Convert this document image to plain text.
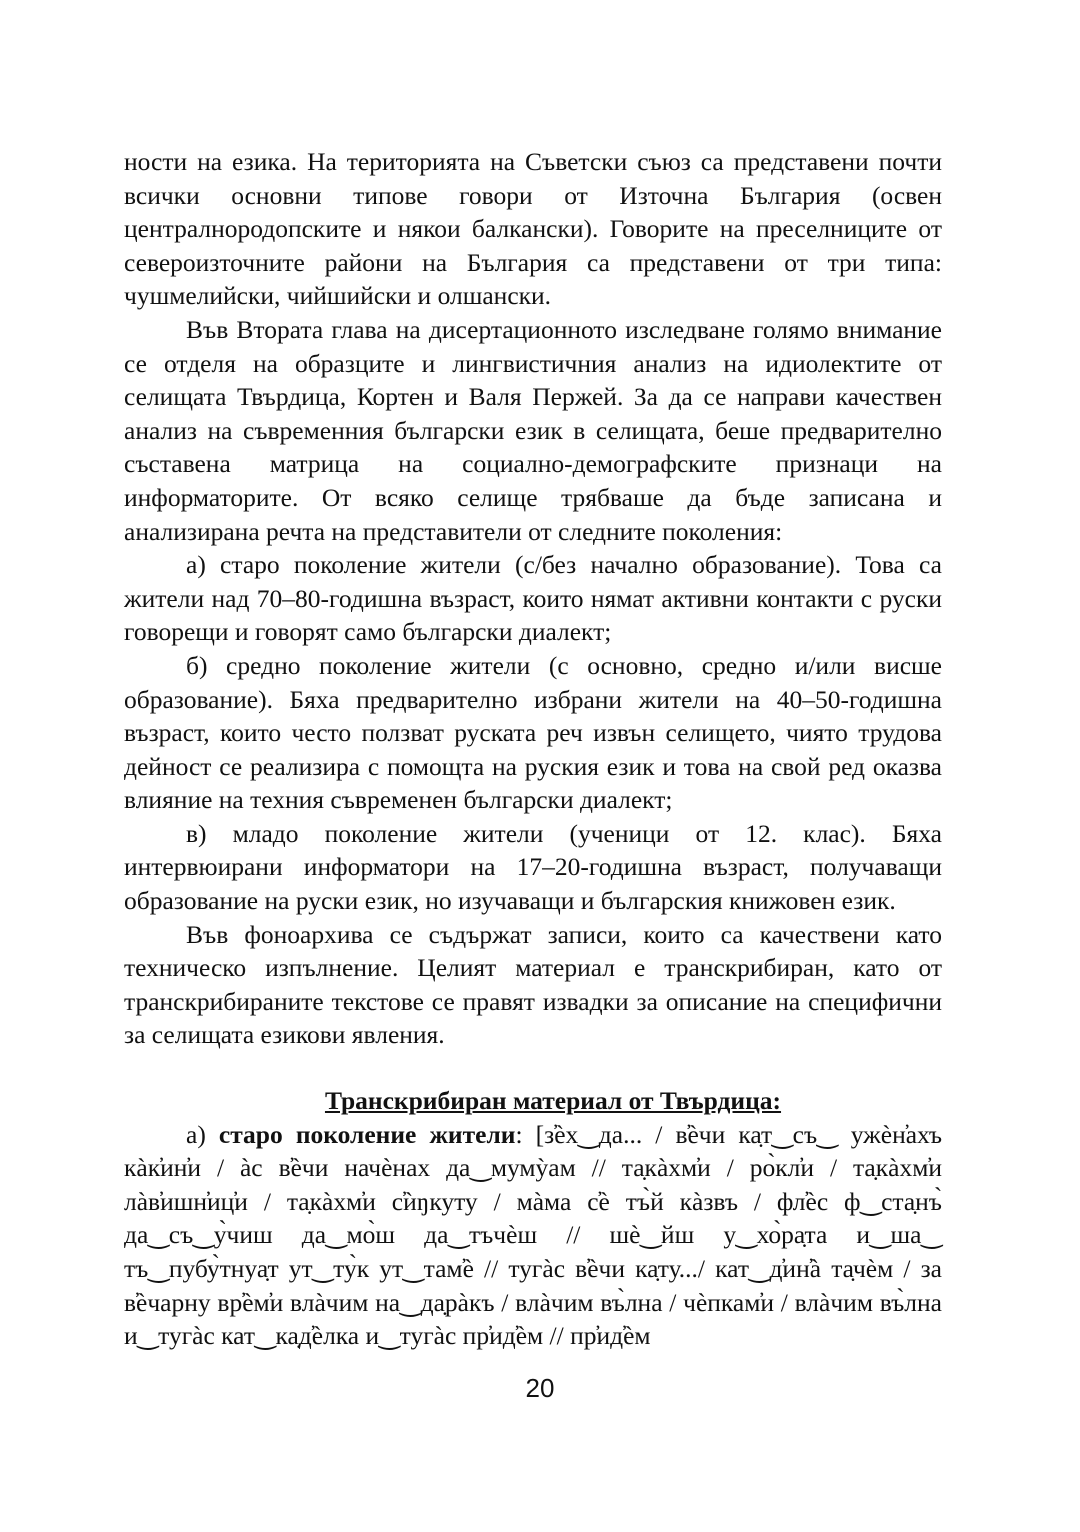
ности на езика. На територията на Съветски съюз са представени почти всички основни типове говори от Източна България (освен централнородопските и някои балкански). Говорите на преселниците от североизточните райони на България са представени от три типа: чушмелийски, чийшийски и олшански.

Във Втората глава на дисертационното изследване голямо внимание се отделя на образците и лингвистичния анализ на идиолектите от селищата Твърдица, Кортен и Валя Пержей. За да се направи качествен анализ на съвременния български език в селищата, беше предварително съставена матрица на социално-демографските признаци на информаторите. От всяко селище трябваше да бъде записана и анализирана речта на представители от следните поколения:

а) старо поколение жители (с/без начално образование). Това са жители над 70–80-годишна възраст, които нямат активни контакти с руски говорещи и говорят само български диалект;

б) средно поколение жители (с основно, средно и/или висше образование). Бяха предварително избрани жители на 40–50-годишна възраст, които често ползват руската реч извън селището, чиято трудова дейност се реализира с помощта на руския език и това на свой ред оказва влияние на техния съвременен български диалект;

в) младо поколение жители (ученици от 12. клас). Бяха интервюирани информатори на 17–20-годишна възраст, получаващи образование на руски език, но изучаващи и българския книжовен език.

Във фоноархива се съдържат записи, които са качествени като техническо изпълнение. Целият материал е транскрибиран, като от транскрибираните текстове се правят извадки за описание на специфични за селищата езикови явления.

Транскрибиран материал от Твърдица:

а) старо поколение жители: [з̕ѐх‿да... / в̕ѐчи ка̣т‿съ‿ ужѐн̕ахъ кàк̕ин̕и / àс в̕ѐчи начѐнах да‿мумỳам // та̣кàхм̕и / ро̀кл̕и / та̣кàхм̕и лàв̕ишн̕иц̕и / та̣кàхм̕и с̕ѝŋкуту / мàма с̕ѐ тъ̀й кàзвъ / фл̕ѐс ф‿ста̣нъ̀ да‿съ‿у̀чиш да‿мо̀ш да‿тъчѐш // шѐ‿йш у‿хо̀ра̣та и‿ша‿ тъ‿пубу̀тнуа̣т ут‿ту̀к ут‿там̕ѐ // тугàс в̕ѐчи ка̣ту.../ кат‿д̕ин̕à та̣чѐм / за в̕ѐчарну вр̕ѐм̕и влàчим на‿да̣рàкъ / влàчим въ̀лна / чѐпкам̕и / влàчим въ̀лна и‿тугàс кат‿ка̣д̕ѐлка и‿тугàс пр̕ид̕ѐм // пр̕ид̕ѐм

20
